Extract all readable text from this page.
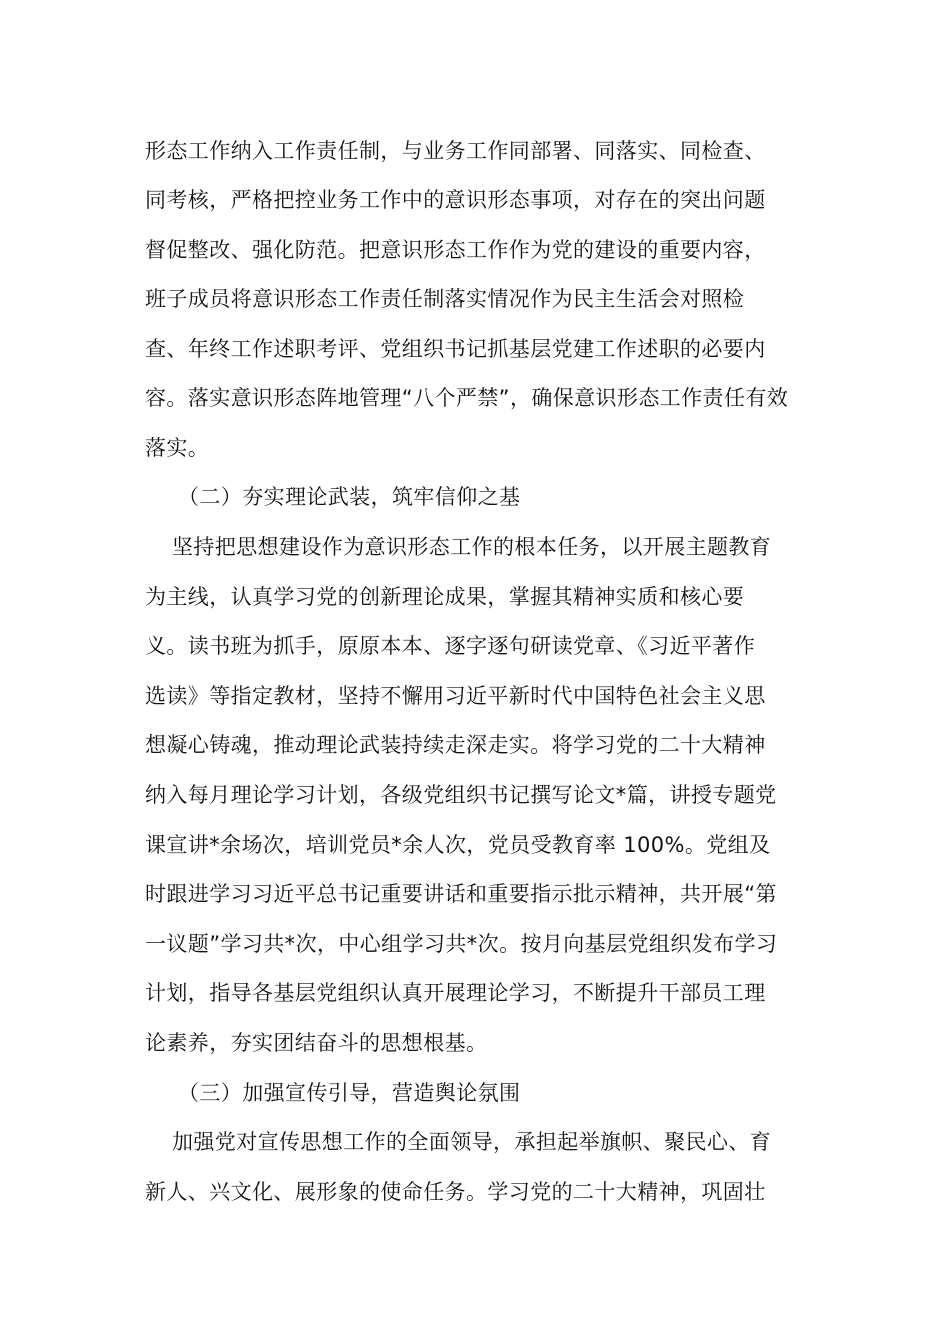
形态工作纳入工作责任制，与业务工作同部署、同落实、同检查、
同考核，严格把控业务工作中的意识形态事项，对存在的突出问题
督促整改、强化防范。把意识形态工作作为党的建设的重要内容，
班子成员将意识形态工作责任制落实情况作为民主生活会对照检
查、年终工作述职考评、党组织书记抓基层党建工作述职的必要内
容。落实意识形态阵地管理“八个严禁”，确保意识形态工作责任有效
落实。
（二）夯实理论武装，筑牢信仰之基
坚持把思想建设作为意识形态工作的根本任务，以开展主题教育
为主线，认真学习党的创新理论成果，掌握其精神实质和核心要
义。读书班为抓手，原原本本、逐字逐句研读党章、《习近平著作
选读》等指定教材，坚持不懈用习近平新时代中国特色社会主义思
想凝心铸魂，推动理论武装持续走深走实。将学习党的二十大精神
纳入每月理论学习计划，各级党组织书记撰写论文*篇，讲授专题党
课宣讲*余场次，培训党员*余人次，党员受教育率 100%。党组及
时跟进学习习近平总书记重要讲话和重要指示批示精神，共开展“第
一议题”学习共*次，中心组学习共*次。按月向基层党组织发布学习
计划，指导各基层党组织认真开展理论学习，不断提升干部员工理
论素养，夯实团结奋斗的思想根基。
（三）加强宣传引导，营造舆论氛围
加强党对宣传思想工作的全面领导，承担起举旗帜、聚民心、育
新人、兴文化、展形象的使命任务。学习党的二十大精神，巩固壮
